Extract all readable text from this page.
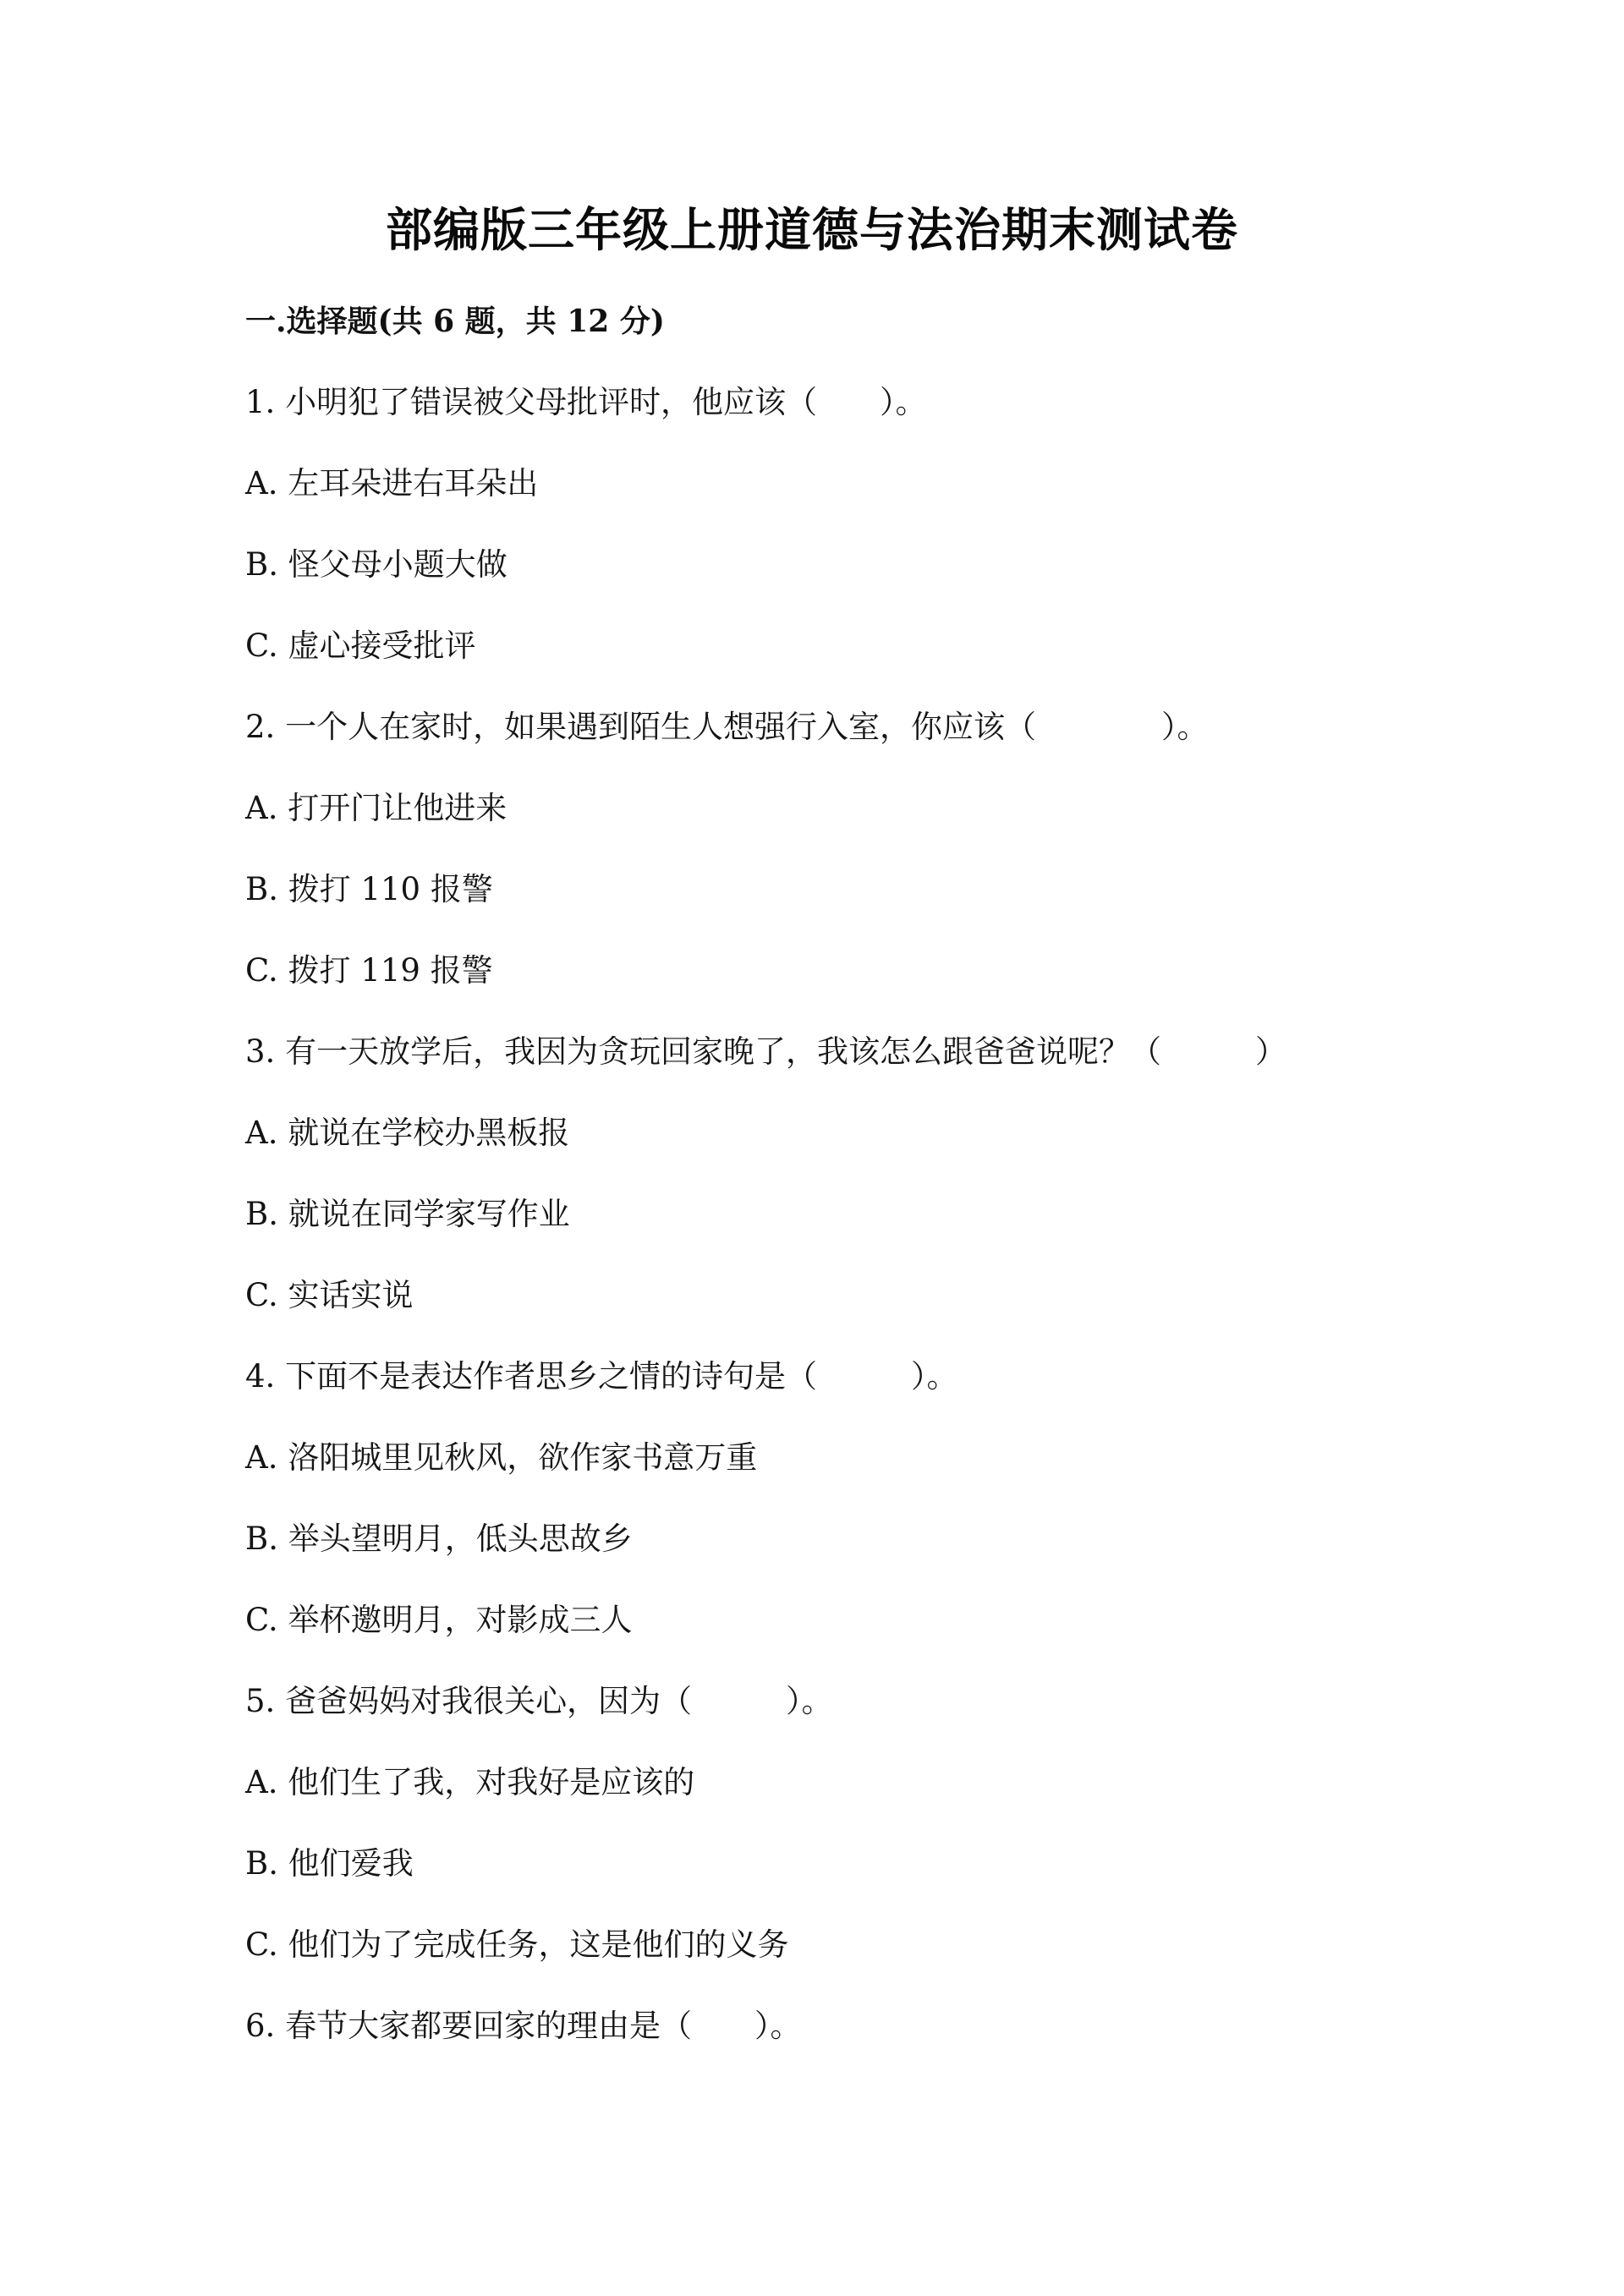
部编版三年级上册道德与法治期末测试卷
一.选择题(共 6 题，共 12 分)
1. 小明犯了错误被父母批评时，他应该（　　）。
A. 左耳朵进右耳朵出
B. 怪父母小题大做
C. 虚心接受批评
2. 一个人在家时，如果遇到陌生人想强行入室，你应该（　　　　）。
A. 打开门让他进来
B. 拨打 110 报警
C. 拨打 119 报警
3. 有一天放学后，我因为贪玩回家晚了，我该怎么跟爸爸说呢？（　　　）
A. 就说在学校办黑板报
B. 就说在同学家写作业
C. 实话实说
4. 下面不是表达作者思乡之情的诗句是（　　　）。
A. 洛阳城里见秋风，欲作家书意万重
B. 举头望明月，低头思故乡
C. 举杯邀明月，对影成三人
5. 爸爸妈妈对我很关心，因为（　　　）。
A. 他们生了我，对我好是应该的
B. 他们爱我
C. 他们为了完成任务，这是他们的义务
6. 春节大家都要回家的理由是（　　）。
